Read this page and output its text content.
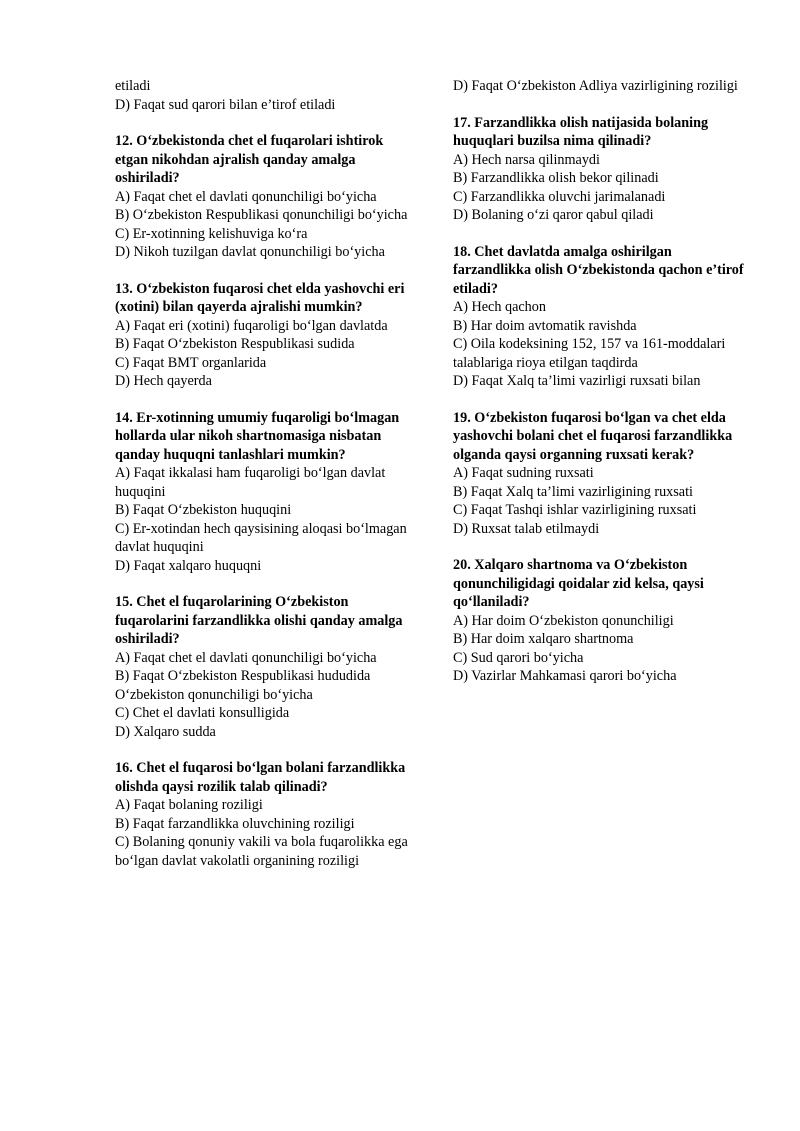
etiladi

D) Faqat sud qarori bilan e’tirof etiladi

12. O‘zbekistonda chet el fuqarolari ishtirok etgan nikohdan ajralish qanday amalga oshiriladi?

A) Faqat chet el davlati qonunchiligi bo‘yicha

B) O‘zbekiston Respublikasi qonunchiligi bo‘yicha

C) Er-xotinning kelishuviga ko‘ra

D) Nikoh tuzilgan davlat qonunchiligi bo‘yicha

13. O‘zbekiston fuqarosi chet elda yashovchi eri (xotini) bilan qayerda ajralishi mumkin?

A) Faqat eri (xotini) fuqaroligi bo‘lgan davlatda

B) Faqat O‘zbekiston Respublikasi sudida

C) Faqat BMT organlarida

D) Hech qayerda

14. Er-xotinning umumiy fuqaroligi bo‘lmagan hollarda ular nikoh shartnomasiga nisbatan qanday huquqni tanlashlari mumkin?

A) Faqat ikkalasi ham fuqaroligi bo‘lgan davlat huquqini

B) Faqat O‘zbekiston huquqini

C) Er-xotindan hech qaysisining aloqasi bo‘lmagan davlat huquqini

D) Faqat xalqaro huquqni

15. Chet el fuqarolarining O‘zbekiston fuqarolarini farzandlikka olishi qanday amalga oshiriladi?

A) Faqat chet el davlati qonunchiligi bo‘yicha

B) Faqat O‘zbekiston Respublikasi hududida O‘zbekiston qonunchiligi bo‘yicha

C) Chet el davlati konsulligida

D) Xalqaro sudda

16. Chet el fuqarosi bo‘lgan bolani farzandlikka olishda qaysi rozilik talab qilinadi?

A) Faqat bolaning roziligi

B) Faqat farzandlikka oluvchining roziligi

C) Bolaning qonuniy vakili va bola fuqarolikka ega bo‘lgan davlat vakolatli organining roziligi

D) Faqat O‘zbekiston Adliya vazirligining roziligi

17. Farzandlikka olish natijasida bolaning huquqlari buzilsa nima qilinadi?

A) Hech narsa qilinmaydi

B) Farzandlikka olish bekor qilinadi

C) Farzandlikka oluvchi jarimalanadi

D) Bolaning o‘zi qaror qabul qiladi

18. Chet davlatda amalga oshirilgan farzandlikka olish O‘zbekistonda qachon e’tirof etiladi?

A) Hech qachon

B) Har doim avtomatik ravishda

C) Oila kodeksining 152, 157 va 161-moddalari talablariga rioya etilgan taqdirda

D) Faqat Xalq ta’limi vazirligi ruxsati bilan

19. O‘zbekiston fuqarosi bo‘lgan va chet elda yashovchi bolani chet el fuqarosi farzandlikka olganda qaysi organning ruxsati kerak?

A) Faqat sudning ruxsati

B) Faqat Xalq ta’limi vazirligining ruxsati

C) Faqat Tashqi ishlar vazirligining ruxsati

D) Ruxsat talab etilmaydi

20. Xalqaro shartnoma va O‘zbekiston qonunchiligidagi qoidalar zid kelsa, qaysi qo‘llaniladi?

A) Har doim O‘zbekiston qonunchiligi

B) Har doim xalqaro shartnoma

C) Sud qarori bo‘yicha

D) Vazirlar Mahkamasi qarori bo‘yicha
